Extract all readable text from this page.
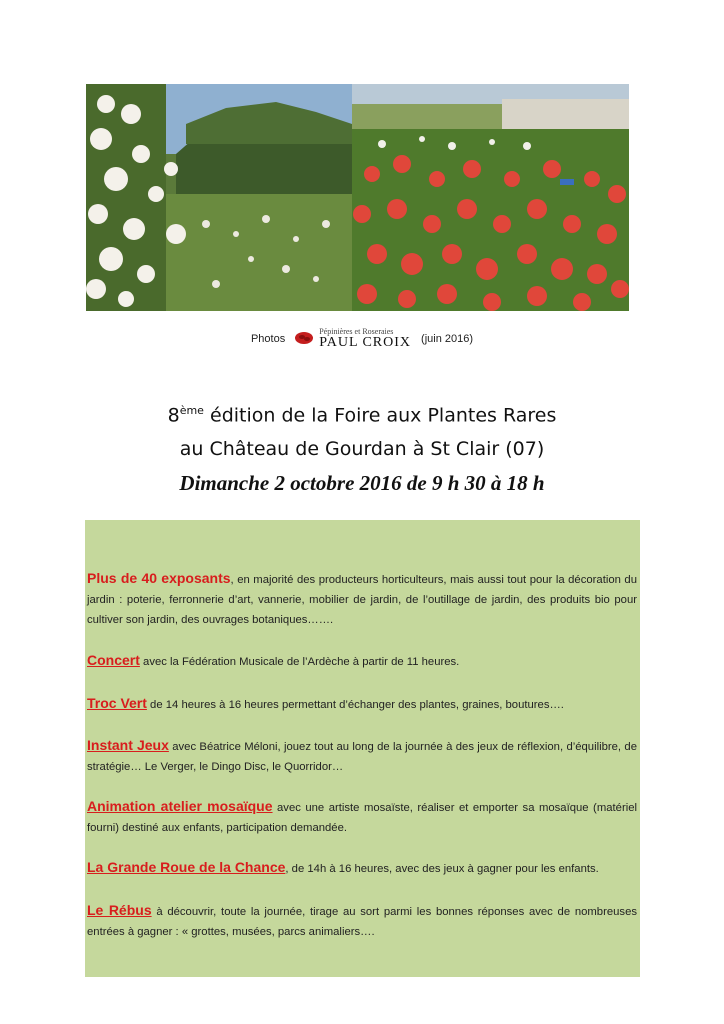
Photos
Pépinières et Roseraies
PAUL CROIX (juin 2016)
8ème édition de la Foire aux Plantes Rares
au Château de Gourdan à St Clair (07)
Dimanche 2 octobre 2016 de 9 h 30 à 18 h
Plus de 40 exposants, en majorité des producteurs horticulteurs, mais aussi tout pour la décoration du jardin : poterie, ferronnerie d’art, vannerie, mobilier de jardin, de l’outillage de jardin, des produits bio pour cultiver son jardin, des ouvrages botaniques…….
Concert avec la Fédération Musicale de l’Ardèche à partir de 11 heures.
Troc Vert de 14 heures à 16 heures permettant d’échanger des plantes, graines, boutures….
Instant Jeux avec Béatrice Méloni, jouez tout au long de la journée à des jeux de réflexion, d’équilibre, de stratégie… Le Verger, le Dingo Disc, le Quorridor…
Animation atelier mosaïque avec une artiste mosaïste, réaliser et emporter sa mosaïque (matériel fourni) destiné aux enfants, participation demandée.
La Grande Roue de la Chance, de 14h à 16 heures, avec des jeux à gagner pour les enfants.
Le Rébus à découvrir, toute la journée, tirage au sort parmi les bonnes réponses avec de nombreuses entrées à gagner : « grottes, musées, parcs animaliers….
